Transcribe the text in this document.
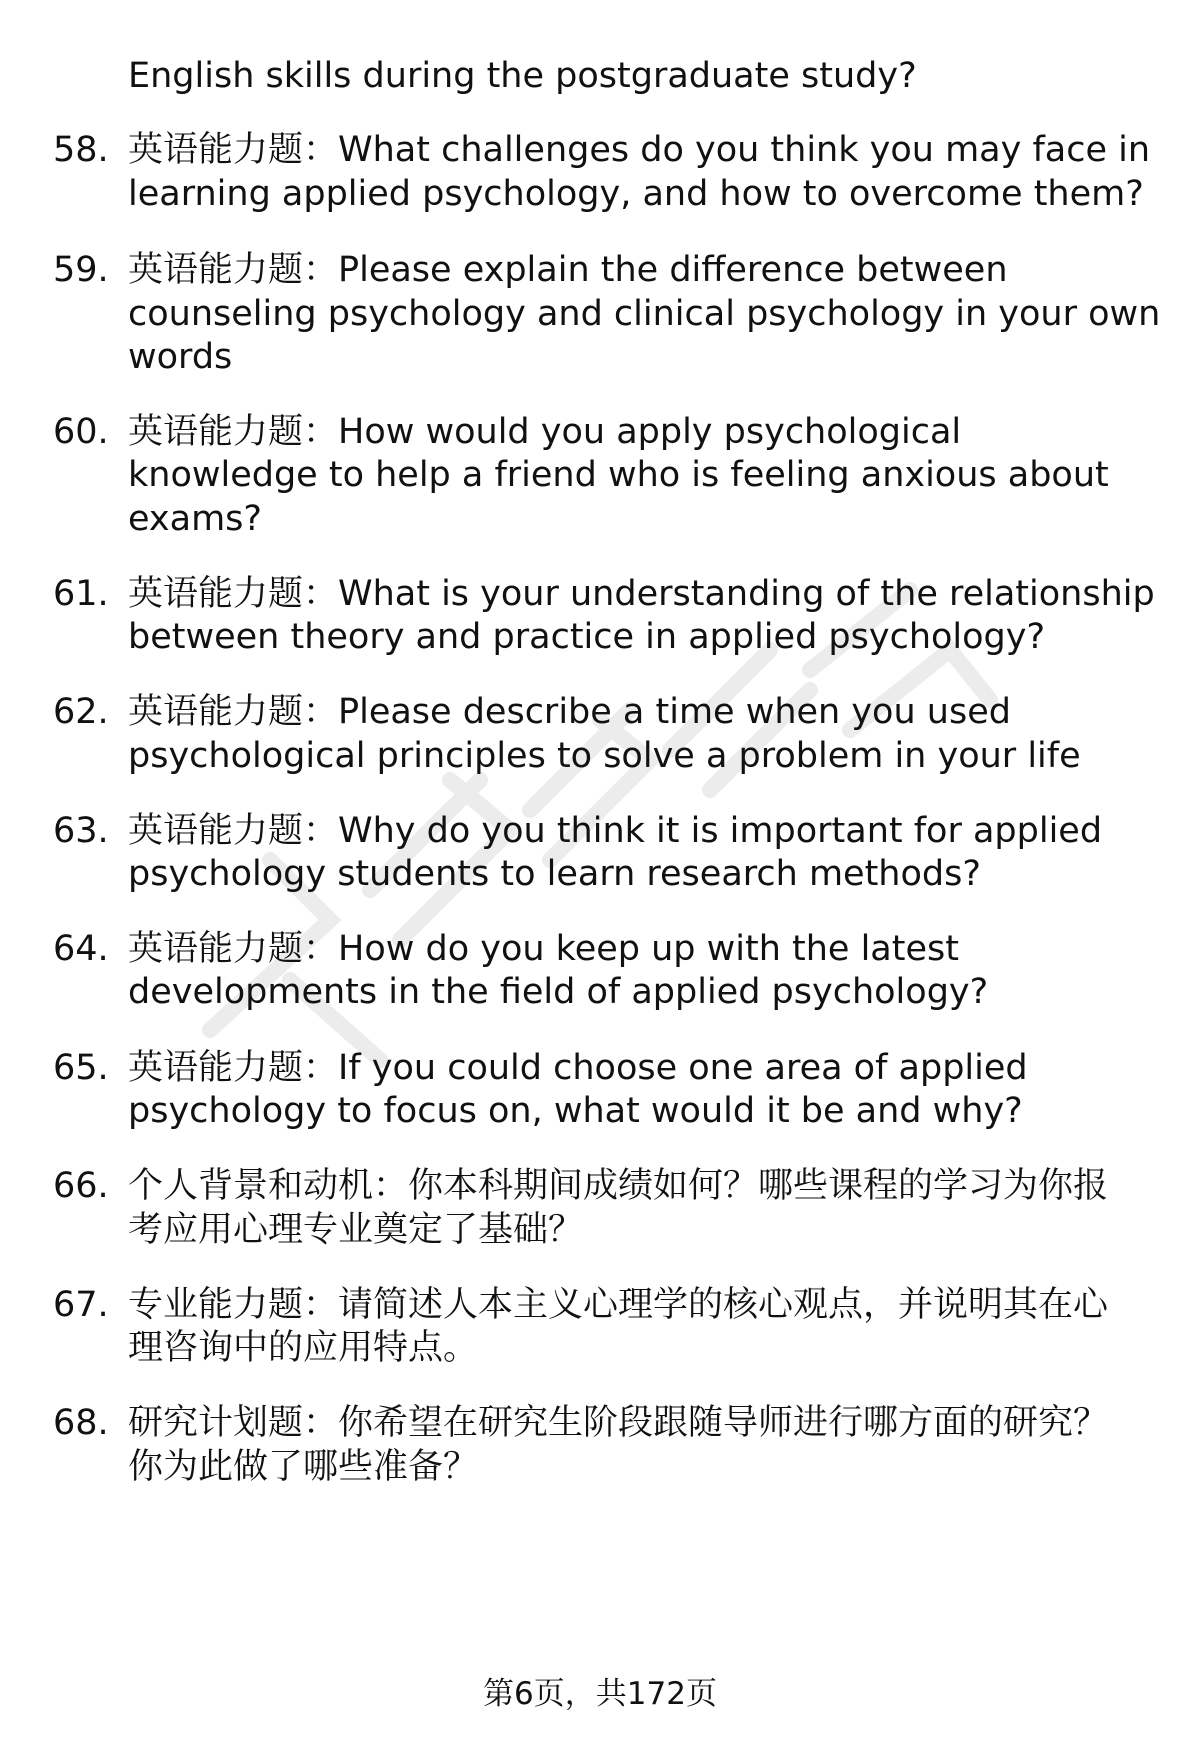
English skills during the postgraduate study?
58. 英语能力题：What challenges do you think you may face in
learning applied psychology, and how to overcome them?
59. 英语能力题：Please explain the difference between
counseling psychology and clinical psychology in your own
words
60. 英语能力题：How would you apply psychological
knowledge to help a friend who is feeling anxious about
exams?
61. 英语能力题：What is your understanding of the relationship
between theory and practice in applied psychology?
62. 英语能力题：Please describe a time when you used
psychological principles to solve a problem in your life
63. 英语能力题：Why do you think it is important for applied
psychology students to learn research methods?
64. 英语能力题：How do you keep up with the latest
developments in the field of applied psychology?
65. 英语能力题：If you could choose one area of applied
psychology to focus on, what would it be and why?
66. 个人背景和动机：你本科期间成绩如何？哪些课程的学习为你报
考应用心理专业奠定了基础？
67. 专业能力题：请简述人本主义心理学的核心观点，并说明其在心
理咨询中的应用特点。
68. 研究计划题：你希望在研究生阶段跟随导师进行哪方面的研究？
你为此做了哪些准备？
第6页，共172页
